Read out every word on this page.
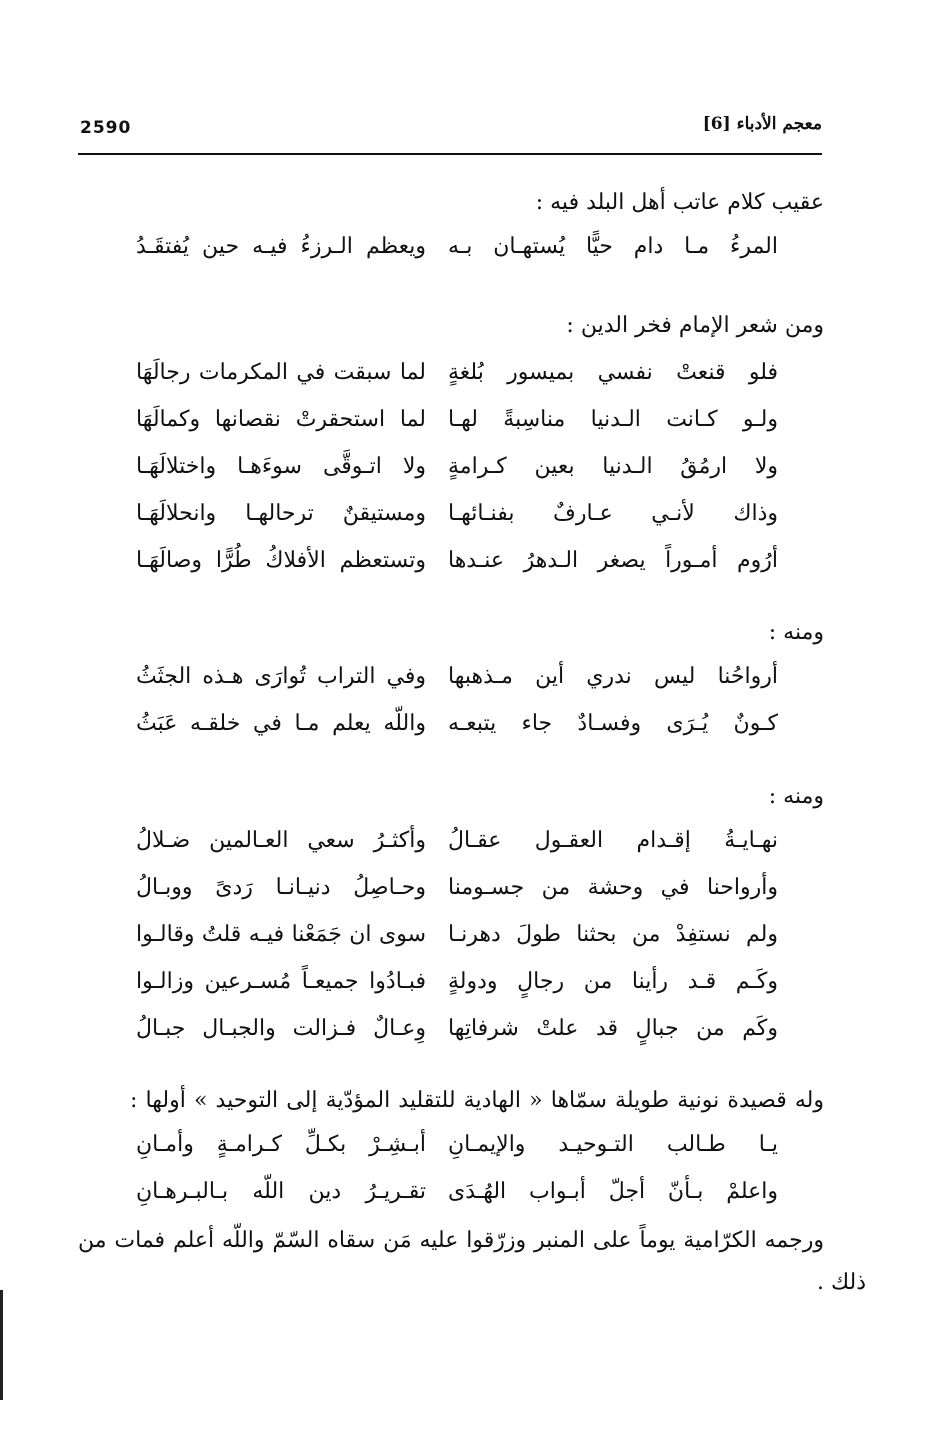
معجم الأدباء [6]
2590
عقيب كلام عاتب أهل البلد فيه :
المرءُ مـا دام حيًّا يُستهـان بـه
ويعظم الـرزءُ فيـه حين يُفتقَـدُ
ومن شعر الإمام فخر الدين :
فلو قنعتْ نفسي بميسور بُلغةٍ
لما سبقت في المكرمات رجالَهَا
ولـو كـانت الـدنيا مناسِبةً لهـا
لما استحقرتْ نقصانها وكمالَهَا
ولا ارمُقُ الـدنيا بعين كـرامةٍ
ولا اتـوقَّى سوءَهـا واختلالَهَـا
وذاك لأنـي عـارفٌ بفنـائهـا
ومستيقنٌ ترحالهـا وانحلالَهَـا
أرُوم أمـوراً يصغر الـدهرُ عنـدها
وتستعظم الأفلاكُ طُرًّا وصالَهَـا
ومنه :
أرواحُنا ليس ندري أين مـذهبها
وفي التراب تُوارَى هـذه الجثَثُ
كـونٌ يُـرَى وفسـادٌ جاء يتبعـه
واللّه يعلم مـا في خلقـه عَبَثُ
ومنه :
نهـايـةُ إقـدام العقـول عقـالُ
وأكثـرُ سعي العـالمين ضـلالُ
وأرواحنا في وحشة من جسـومنا
وحـاصِلُ دنيـانـا رَدىً ووبـالُ
ولم نستفِدْ من بحثنا طولَ دهرنـا
سوى ان جَمَعْنا فيـه قلتُ وقالـوا
وكَـم قـد رأينا من رجالٍ ودولةٍ
فبـادُوا جميعـاً مُسـرعين وزالـوا
وكَم من جبالٍ قد علتْ شرفاتِها
وِعـالٌ فـزالت والجبـال جبـالُ
وله قصيدة نونية طويلة سمّاها « الهادية للتقليد المؤدّية إلى التوحيد » أولها :
يـا طـالب التـوحيـد والإيمـانِ
أبـشِـرْ بكـلِّ كـرامـةٍ وأمـانِ
واعلمْ بـأنّ أجلّ أبـواب الهُـدَى
تقـريـرُ دين اللّه بـالبـرهـانِ
ورجمه الكرّامية يوماً على المنبر وزرّقوا عليه مَن سقاه السّمّ واللّه أعلم فمات من
ذلك .
